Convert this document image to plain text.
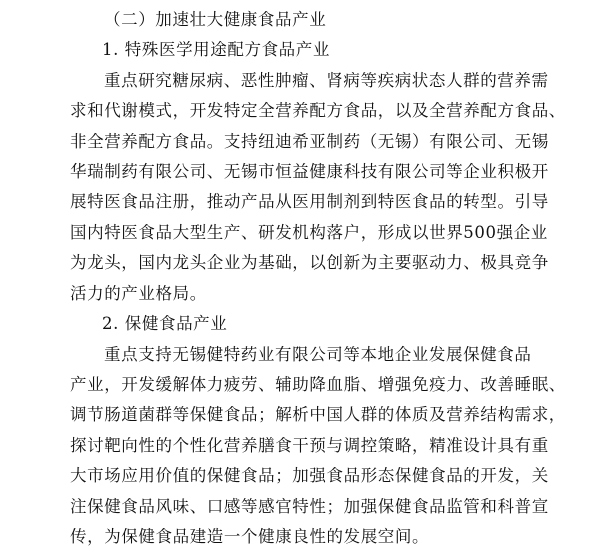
（二）加速壮大健康食品产业
1. 特殊医学用途配方食品产业
重点研究糖尿病、恶性肿瘤、肾病等疾病状态人群的营养需
求和代谢模式，开发特定全营养配方食品，以及全营养配方食品、
非全营养配方食品。支持纽迪希亚制药（无锡）有限公司、无锡
华瑞制药有限公司、无锡市恒益健康科技有限公司等企业积极开
展特医食品注册，推动产品从医用制剂到特医食品的转型。引导
国内特医食品大型生产、研发机构落户，形成以世界500强企业
为龙头，国内龙头企业为基础，以创新为主要驱动力、极具竞争
活力的产业格局。
2. 保健食品产业
重点支持无锡健特药业有限公司等本地企业发展保健食品
产业，开发缓解体力疲劳、辅助降血脂、增强免疫力、改善睡眠、
调节肠道菌群等保健食品；解析中国人群的体质及营养结构需求，
探讨靶向性的个性化营养膳食干预与调控策略，精准设计具有重
大市场应用价值的保健食品；加强食品形态保健食品的开发，关
注保健食品风味、口感等感官特性；加强保健食品监管和科普宣
传，为保健食品建造一个健康良性的发展空间。
